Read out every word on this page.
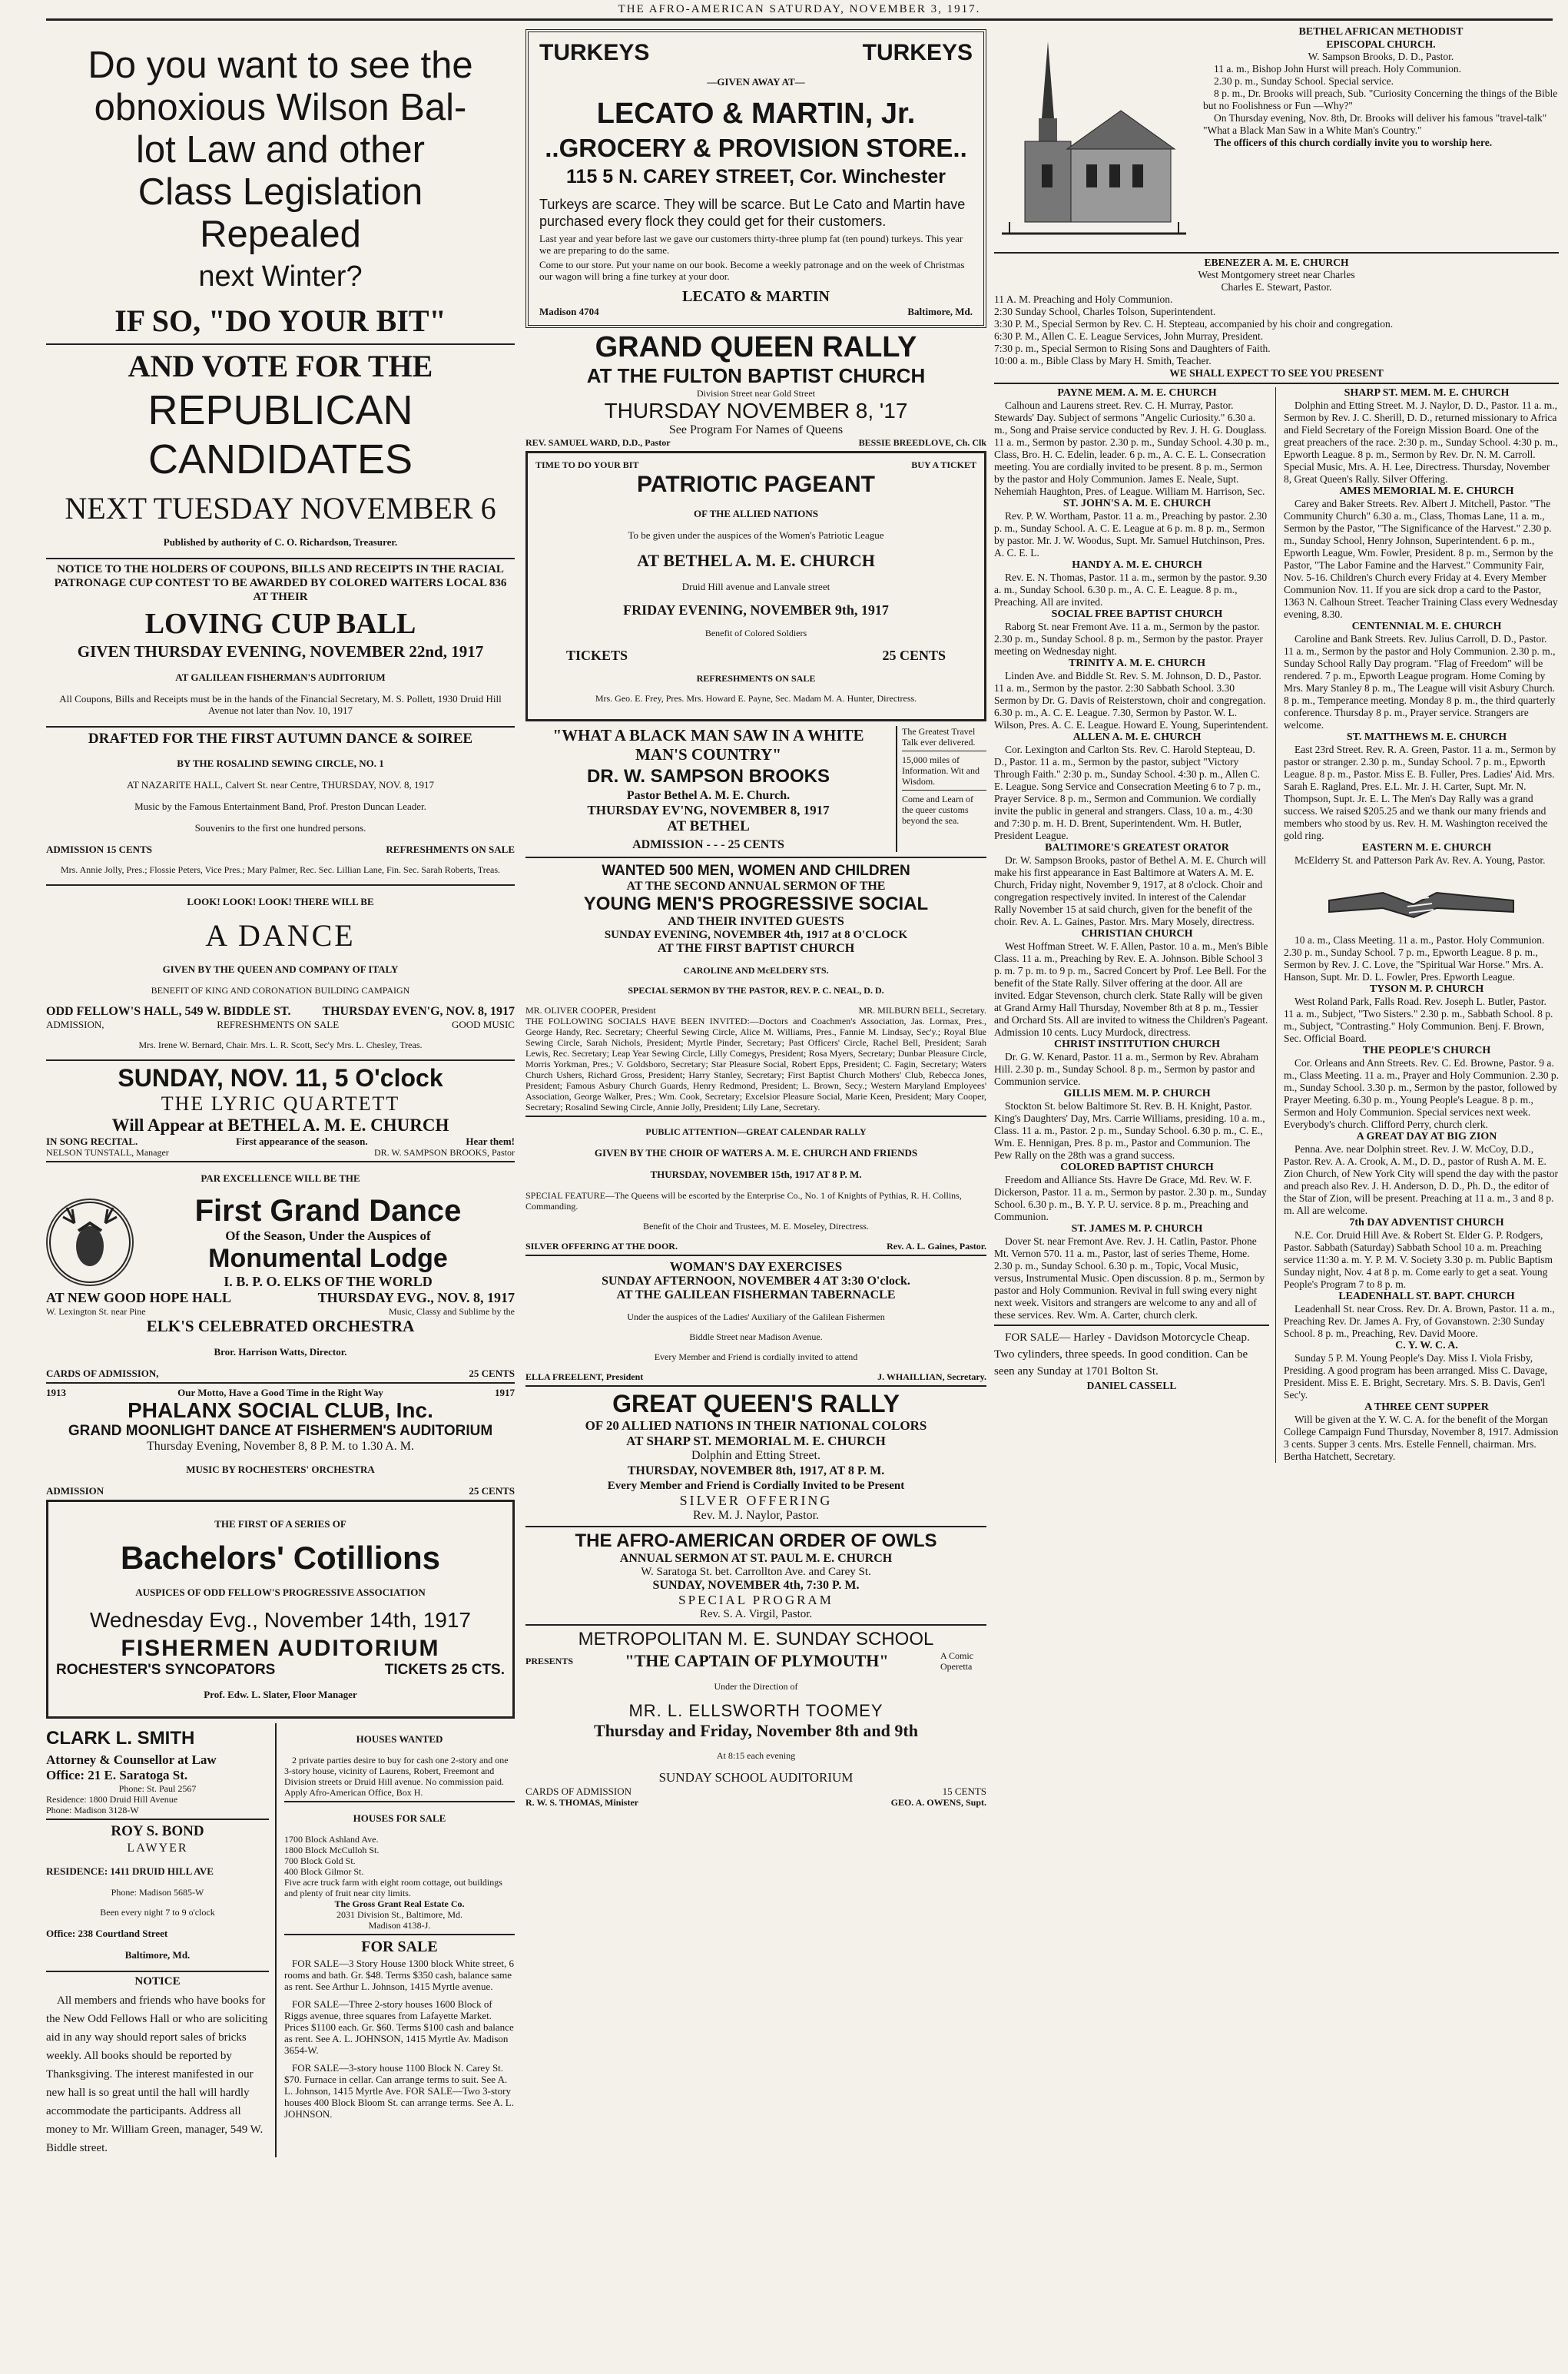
THE AFRO-AMERICAN SATURDAY, NOVEMBER 3, 1917.

Do you want to see the

obnoxious Wilson Bal-

lot Law and other

Class Legislation

Repealed

next Winter?

IF SO, "DO YOUR BIT"

AND VOTE FOR THE

REPUBLICAN

CANDIDATES

NEXT TUESDAY NOVEMBER 6

Published by authority of C. O. Richardson, Treasurer.

NOTICE TO THE HOLDERS OF COUPONS, BILLS AND RECEIPTS IN THE RACIAL PATRONAGE CUP CONTEST TO BE AWARDED BY COLORED WAITERS LOCAL 836 AT THEIR

LOVING CUP BALL

GIVEN THURSDAY EVENING, NOVEMBER 22nd, 1917

AT GALILEAN FISHERMAN'S AUDITORIUM

All Coupons, Bills and Receipts must be in the hands of the Financial Secretary, M. S. Pollett, 1930 Druid Hill Avenue not later than Nov. 10, 1917

DRAFTED FOR THE FIRST AUTUMN DANCE & SOIREE

BY THE ROSALIND SEWING CIRCLE, NO. 1

AT NAZARITE HALL, Calvert St. near Centre, THURSDAY, NOV. 8, 1917

Music by the Famous Entertainment Band, Prof. Preston Duncan Leader.

Souvenirs to the first one hundred persons.

ADMISSION 15 CENTS	REFRESHMENTS ON SALE

Mrs. Annie Jolly, Pres.; Flossie Peters, Vice Pres.; Mary Palmer, Rec. Sec. Lillian Lane, Fin. Sec. Sarah Roberts, Treas.

LOOK! LOOK! LOOK! THERE WILL BE

A DANCE

GIVEN BY THE QUEEN AND COMPANY OF ITALY

BENEFIT OF KING AND CORONATION BUILDING CAMPAIGN

ODD FELLOW'S HALL, 549 W. BIDDLE ST.	THURSDAY EVEN'G, NOV. 8, 1917
ADMISSION,	REFRESHMENTS ON SALE	GOOD MUSIC

Mrs. Irene W. Bernard, Chair. Mrs. L. R. Scott, Sec'y Mrs. L. Chesley, Treas.

SUNDAY, NOV. 11, 5 O'clock

THE LYRIC QUARTETT

Will Appear at BETHEL A. M. E. CHURCH

IN SONG RECITAL.	First appearance of the season.	Hear them!
NELSON TUNSTALL, Manager	DR. W. SAMPSON BROOKS, Pastor

PAR EXCELLENCE WILL BE THE

First Grand Dance

Of the Season, Under the Auspices of

Monumental Lodge

I. B. P. O. ELKS OF THE WORLD

AT NEW GOOD HOPE HALL	THURSDAY EVG., NOV. 8, 1917
W. Lexington St. near Pine	Music, Classy and Sublime by the

ELK'S CELEBRATED ORCHESTRA

Bror. Harrison Watts, Director.

CARDS OF ADMISSION,	25 CENTS
1913	Our Motto, Have a Good Time in the Right Way	1917

PHALANX SOCIAL CLUB, Inc.

GRAND MOONLIGHT DANCE AT FISHERMEN'S AUDITORIUM

Thursday Evening, November 8, 8 P. M. to 1.30 A. M.

MUSIC BY ROCHESTERS' ORCHESTRA

ADMISSION	25 CENTS

THE FIRST OF A SERIES OF

Bachelors' Cotillions

AUSPICES OF ODD FELLOW'S PROGRESSIVE ASSOCIATION

Wednesday Evg., November 14th, 1917

FISHERMEN AUDITORIUM

ROCHESTER'S SYNCOPATORS	TICKETS 25 CTS.

Prof. Edw. L. Slater, Floor Manager

CLARK L. SMITH

Attorney & Counsellor at Law

Office: 21 E. Saratoga St.

Phone: St. Paul 2567

Residence: 1800 Druid Hill Avenue

Phone: Madison 3128-W

ROY S. BOND

LAWYER

RESIDENCE: 1411 DRUID HILL AVE

Phone: Madison 5685-W

Been every night 7 to 9 o'clock

Office: 238 Courtland Street

Baltimore, Md.

NOTICE

All members and friends who have books for the New Odd Fellows Hall or who are soliciting aid in any way should report sales of bricks weekly. All books should be reported by Thanksgiving. The interest manifested in our new hall is so great until the hall will hardly accommodate the participants. Address all money to Mr. William Green, manager, 549 W. Biddle street.

HOUSES WANTED

2 private parties desire to buy for cash one 2-story and one 3-story house, vicinity of Laurens, Robert, Freemont and Division streets or Druid Hill avenue. No commission paid. Apply Afro-American Office, Box H.

HOUSES FOR SALE

1700 Block Ashland Ave.

1800 Block McCulloh St.

700 Block Gold St.

400 Block Gilmor St.

Five acre truck farm with eight room cottage, out buildings and plenty of fruit near city limits.

The Gross Grant Real Estate Co.

2031 Division St., Baltimore, Md.

Madison 4138-J.

FOR SALE

FOR SALE—3 Story House 1300 block White street, 6 rooms and bath. Gr. $48. Terms $350 cash, balance same as rent. See Arthur L. Johnson, 1415 Myrtle avenue.

FOR SALE—Three 2-story houses 1600 Block of Riggs avenue, three squares from Lafayette Market. Prices $1100 each. Gr. $60. Terms $100 cash and balance as rent. See A. L. JOHNSON, 1415 Myrtle Av. Madison 3654-W.

FOR SALE—3-story house 1100 Block N. Carey St. $70. Furnace in cellar. Can arrange terms to suit. See A. L. Johnson, 1415 Myrtle Ave. FOR SALE—Two 3-story houses 400 Block Bloom St. can arrange terms. See A. L. JOHNSON.

TURKEYS	TURKEYS

—GIVEN AWAY AT—

LECATO & MARTIN, Jr.

..GROCERY & PROVISION STORE..

115 5 N. CAREY STREET, Cor. Winchester

Turkeys are scarce. They will be scarce. But Le Cato and Martin have purchased every flock they could get for their customers.

Last year and year before last we gave our customers thirty-three plump fat (ten pound) turkeys. This year we are preparing to do the same.

Come to our store. Put your name on our book. Become a weekly patronage and on the week of Christmas our wagon will bring a fine turkey at your door.

LECATO & MARTIN

Madison 4704	Baltimore, Md.

GRAND QUEEN RALLY

AT THE FULTON BAPTIST CHURCH

Division Street near Gold Street

THURSDAY NOVEMBER 8, '17

See Program For Names of Queens

REV. SAMUEL WARD, D.D., Pastor	BESSIE BREEDLOVE, Ch. Clk
TIME TO DO YOUR BIT	BUY A TICKET

PATRIOTIC PAGEANT

OF THE ALLIED NATIONS

To be given under the auspices of the Women's Patriotic League

AT BETHEL A. M. E. CHURCH

Druid Hill avenue and Lanvale street

FRIDAY EVENING, NOVEMBER 9th, 1917

Benefit of Colored Soldiers

TICKETS	25 CENTS

REFRESHMENTS ON SALE

Mrs. Geo. E. Frey, Pres. Mrs. Howard E. Payne, Sec. Madam M. A. Hunter, Directress.

"WHAT A BLACK MAN SAW IN A WHITE MAN'S COUNTRY"

DR. W. SAMPSON BROOKS

Pastor Bethel A. M. E. Church.

THURSDAY EV'NG, NOVEMBER 8, 1917

AT BETHEL

ADMISSION - - - 25 CENTS

The Greatest Travel Talk ever delivered.

15,000 miles of Information. Wit and Wisdom.

Come and Learn of the queer customs beyond the sea.

WANTED 500 MEN, WOMEN AND CHILDREN

AT THE SECOND ANNUAL SERMON OF THE

YOUNG MEN'S PROGRESSIVE SOCIAL

AND THEIR INVITED GUESTS

SUNDAY EVENING, NOVEMBER 4th, 1917 at 8 O'CLOCK

AT THE FIRST BAPTIST CHURCH

CAROLINE AND McELDERY STS.

SPECIAL SERMON BY THE PASTOR, REV. P. C. NEAL, D. D.

MR. OLIVER COOPER, President	MR. MILBURN BELL, Secretary.

THE FOLLOWING SOCIALS HAVE BEEN INVITED:—Doctors and Coachmen's Association, Jas. Lormax, Pres., George Handy, Rec. Secretary; Cheerful Sewing Circle, Alice M. Williams, Pres., Fannie M. Lindsay, Sec'y.; Royal Blue Sewing Circle, Sarah Nichols, President; Myrtle Pinder, Secretary; Past Officers' Circle, Rachel Bell, President; Sarah Lewis, Rec. Secretary; Leap Year Sewing Circle, Lilly Comegys, President; Rosa Myers, Secretary; Dunbar Pleasure Circle, Morris Yorkman, Pres.; V. Goldsboro, Secretary; Star Pleasure Social, Robert Epps, President; C. Fagin, Secretary; Waters Church Ushers, Richard Gross, President; Harry Stanley, Secretary; First Baptist Church Mothers' Club, Rebecca Jones, President; Famous Asbury Church Guards, Henry Redmond, President; L. Brown, Secy.; Western Maryland Employees' Association, George Walker, Pres.; Wm. Cook, Secretary; Excelsior Pleasure Social, Marie Keen, President; Mary Cooper, Secretary; Rosalind Sewing Circle, Annie Jolly, President; Lily Lane, Secretary.

PUBLIC ATTENTION—GREAT CALENDAR RALLY

GIVEN BY THE CHOIR OF WATERS A. M. E. CHURCH AND FRIENDS

THURSDAY, NOVEMBER 15th, 1917 AT 8 P. M.

SPECIAL FEATURE—The Queens will be escorted by the Enterprise Co., No. 1 of Knights of Pythias, R. H. Collins, Commanding.

Benefit of the Choir and Trustees, M. E. Moseley, Directress.

SILVER OFFERING AT THE DOOR.	Rev. A. L. Gaines, Pastor.

WOMAN'S DAY EXERCISES

SUNDAY AFTERNOON, NOVEMBER 4 AT 3:30 O'clock.

AT THE GALILEAN FISHERMAN TABERNACLE

Under the auspices of the Ladies' Auxiliary of the Galilean Fishermen

Biddle Street near Madison Avenue.

Every Member and Friend is cordially invited to attend

ELLA FREELENT, President	J. WHAILLIAN, Secretary.

GREAT QUEEN'S RALLY

OF 20 ALLIED NATIONS IN THEIR NATIONAL COLORS

AT SHARP ST. MEMORIAL M. E. CHURCH

Dolphin and Etting Street.

THURSDAY, NOVEMBER 8th, 1917, AT 8 P. M.

Every Member and Friend is Cordially Invited to be Present

SILVER OFFERING

Rev. M. J. Naylor, Pastor.

THE AFRO-AMERICAN ORDER OF OWLS

ANNUAL SERMON AT ST. PAUL M. E. CHURCH

W. Saratoga St. bet. Carrollton Ave. and Carey St.

SUNDAY, NOVEMBER 4th, 7:30 P. M.

SPECIAL PROGRAM

Rev. S. A. Virgil, Pastor.

METROPOLITAN M. E. SUNDAY SCHOOL

PRESENTS	"THE CAPTAIN OF PLYMOUTH"	A Comic Operetta

Under the Direction of

MR. L. ELLSWORTH TOOMEY

Thursday and Friday, November 8th and 9th

At 8:15 each evening

SUNDAY SCHOOL AUDITORIUM

CARDS OF ADMISSION	15 CENTS
R. W. S. THOMAS, Minister	GEO. A. OWENS, Supt.

BETHEL AFRICAN METHODIST

EPISCOPAL CHURCH.

W. Sampson Brooks, D. D., Pastor.

11 a. m., Bishop John Hurst will preach. Holy Communion.

2.30 p. m., Sunday School. Special service.

8 p. m., Dr. Brooks will preach, Sub. "Curiosity Concerning the things of the Bible but no Foolishness or Fun —Why?"

On Thursday evening, Nov. 8th, Dr. Brooks will deliver his famous "travel-talk" "What a Black Man Saw in a White Man's Country."

The officers of this church cordially invite you to worship here.

EBENEZER A. M. E. CHURCH

West Montgomery street near Charles

Charles E. Stewart, Pastor.

11 A. M. Preaching and Holy Communion.

2:30 Sunday School, Charles Tolson, Superintendent.

3:30 P. M., Special Sermon by Rev. C. H. Stepteau, accompanied by his choir and congregation.

6:30 P. M., Allen C. E. League Services, John Murray, President.

7:30 p. m., Special Sermon to Rising Sons and Daughters of Faith.

10:00 a. m., Bible Class by Mary H. Smith, Teacher.

WE SHALL EXPECT TO SEE YOU PRESENT

PAYNE MEM. A. M. E. CHURCH

Calhoun and Laurens street. Rev. C. H. Murray, Pastor. Stewards' Day. Subject of sermons "Angelic Curiosity." 6.30 a. m., Song and Praise service conducted by Rev. J. H. G. Douglass. 11 a. m., Sermon by pastor. 2.30 p. m., Sunday School. 4.30 p. m., Class, Bro. H. C. Edelin, leader. 6 p. m., A. C. E. L. Consecration meeting. You are cordially invited to be present. 8 p. m., Sermon by the pastor and Holy Communion. James E. Neale, Supt. Nehemiah Haughton, Pres. of League. William M. Harrison, Sec.

ST. JOHN'S A. M. E. CHURCH

Rev. P. W. Wortham, Pastor. 11 a. m., Preaching by pastor. 2.30 p. m., Sunday School. A. C. E. League at 6 p. m. 8 p. m., Sermon by pastor. Mr. J. W. Woodus, Supt. Mr. Samuel Hutchinson, Pres. A. C. E. L.

HANDY A. M. E. CHURCH

Rev. E. N. Thomas, Pastor. 11 a. m., sermon by the pastor. 9.30 a. m., Sunday School. 6.30 p. m., A. C. E. League. 8 p. m., Preaching. All are invited.

SOCIAL FREE BAPTIST CHURCH

Raborg St. near Fremont Ave. 11 a. m., Sermon by the pastor. 2.30 p. m., Sunday School. 8 p. m., Sermon by the pastor. Prayer meeting on Wednesday night.

TRINITY A. M. E. CHURCH

Linden Ave. and Biddle St. Rev. S. M. Johnson, D. D., Pastor. 11 a. m., Sermon by the pastor. 2:30 Sabbath School. 3.30 Sermon by Dr. G. Davis of Reisterstown, choir and congregation. 6.30 p. m., A. C. E. League. 7.30, Sermon by Pastor. W. L. Wilson, Pres. A. C. E. League. Howard E. Young, Superintendent.

ALLEN A. M. E. CHURCH

Cor. Lexington and Carlton Sts. Rev. C. Harold Stepteau, D. D., Pastor. 11 a. m., Sermon by the pastor, subject "Victory Through Faith." 2:30 p. m., Sunday School. 4:30 p. m., Allen C. E. League. Song Service and Consecration Meeting 6 to 7 p. m., Prayer Service. 8 p. m., Sermon and Communion. We cordially invite the public in general and strangers. Class, 10 a. m., 4:30 and 7:30 p. m. H. D. Brent, Superintendent. Wm. H. Butler, President League.

BALTIMORE'S GREATEST ORATOR

Dr. W. Sampson Brooks, pastor of Bethel A. M. E. Church will make his first appearance in East Baltimore at Waters A. M. E. Church, Friday night, November 9, 1917, at 8 o'clock. Choir and congregation respectively invited. In interest of the Calendar Rally November 15 at said church, given for the benefit of the choir. Rev. A. L. Gaines, Pastor. Mrs. Mary Mosely, directress.

CHRISTIAN CHURCH

West Hoffman Street. W. F. Allen, Pastor. 10 a. m., Men's Bible Class. 11 a. m., Preaching by Rev. E. A. Johnson. Bible School 3 p. m. 7 p. m. to 9 p. m., Sacred Concert by Prof. Lee Bell. For the benefit of the State Rally. Silver offering at the door. All are invited. Edgar Stevenson, church clerk. State Rally will be given at Grand Army Hall Thursday, November 8th at 8 p. m., Tessier and Orchard Sts. All are invited to witness the Children's Pageant. Admission 10 cents. Lucy Murdock, directress.

CHRIST INSTITUTION CHURCH

Dr. G. W. Kenard, Pastor. 11 a. m., Sermon by Rev. Abraham Hill. 2.30 p. m., Sunday School. 8 p. m., Sermon by pastor and Communion service.

GILLIS MEM. M. P. CHURCH

Stockton St. below Baltimore St. Rev. B. H. Knight, Pastor. King's Daughters' Day, Mrs. Carrie Williams, presiding. 10 a. m., Class. 11 a. m., Pastor. 2 p. m., Sunday School. 6.30 p. m., C. E., Wm. E. Hennigan, Pres. 8 p. m., Pastor and Communion. The Pew Rally on the 28th was a grand success.

COLORED BAPTIST CHURCH

Freedom and Alliance Sts. Havre De Grace, Md. Rev. W. F. Dickerson, Pastor. 11 a. m., Sermon by pastor. 2.30 p. m., Sunday School. 6.30 p. m., B. Y. P. U. service. 8 p. m., Preaching and Communion.

ST. JAMES M. P. CHURCH

Dover St. near Fremont Ave. Rev. J. H. Catlin, Pastor. Phone Mt. Vernon 570. 11 a. m., Pastor, last of series Theme, Home. 2.30 p. m., Sunday School. 6.30 p. m., Topic, Vocal Music, versus, Instrumental Music. Open discussion. 8 p. m., Sermon by pastor and Holy Communion. Revival in full swing every night next week. Visitors and strangers are welcome to any and all of these services. Rev. Wm. A. Carter, church clerk.

FOR SALE— Harley - Davidson Motorcycle Cheap. Two cylinders, three speeds. In good condition. Can be seen any Sunday at 1701 Bolton St.

DANIEL CASSELL

SHARP ST. MEM. M. E. CHURCH

Dolphin and Etting Street. M. J. Naylor, D. D., Pastor. 11 a. m., Sermon by Rev. J. C. Sherill, D. D., returned missionary to Africa and Field Secretary of the Foreign Mission Board. One of the great preachers of the race. 2:30 p. m., Sunday School. 4:30 p. m., Epworth League. 8 p. m., Sermon by Rev. Dr. N. M. Carroll. Special Music, Mrs. A. H. Lee, Directress. Thursday, November 8, Great Queen's Rally. Silver Offering.

AMES MEMORIAL M. E. CHURCH

Carey and Baker Streets. Rev. Albert J. Mitchell, Pastor. "The Community Church" 6.30 a. m., Class, Thomas Lane, 11 a. m., Sermon by the Pastor, "The Significance of the Harvest." 2.30 p. m., Sunday School, Henry Johnson, Superintendent. 6 p. m., Epworth League, Wm. Fowler, President. 8 p. m., Sermon by the Pastor, "The Labor Famine and the Harvest." Community Fair, Nov. 5-16. Children's Church every Friday at 4. Every Member Communion Nov. 11. If you are sick drop a card to the Pastor, 1363 N. Calhoun Street. Teacher Training Class every Wednesday evening, 8.30.

CENTENNIAL M. E. CHURCH

Caroline and Bank Streets. Rev. Julius Carroll, D. D., Pastor. 11 a. m., Sermon by the pastor and Holy Communion. 2.30 p. m., Sunday School Rally Day program. "Flag of Freedom" will be rendered. 7 p. m., Epworth League program. Home Coming by Mrs. Mary Stanley 8 p. m., The League will visit Asbury Church. 8 p. m., Temperance meeting. Monday 8 p. m., the third quarterly conference. Thursday 8 p. m., Prayer service. Strangers are welcome.

ST. MATTHEWS M. E. CHURCH

East 23rd Street. Rev. R. A. Green, Pastor. 11 a. m., Sermon by pastor or stranger. 2.30 p. m., Sunday School. 7 p. m., Epworth League. 8 p. m., Pastor. Miss E. B. Fuller, Pres. Ladies' Aid. Mrs. Sarah E. Ragland, Pres. E.L. Mr. J. H. Carter, Supt. Mr. N. Thompson, Supt. Jr. E. L. The Men's Day Rally was a grand success. We raised $205.25 and we thank our many friends and members who stood by us. Rev. H. M. Washington received the gold ring.

EASTERN M. E. CHURCH

McElderry St. and Patterson Park Av. Rev. A. Young, Pastor.

10 a. m., Class Meeting. 11 a. m., Pastor. Holy Communion. 2.30 p. m., Sunday School. 7 p. m., Epworth League. 8 p. m., Sermon by Rev. J. C. Love, the "Spiritual War Horse." Mrs. A. Hanson, Supt. Mr. D. L. Fowler, Pres. Epworth League.

TYSON M. P. CHURCH

West Roland Park, Falls Road. Rev. Joseph L. Butler, Pastor. 11 a. m., Subject, "Two Sisters." 2.30 p. m., Sabbath School. 8 p. m., Subject, "Contrasting." Holy Communion. Benj. F. Brown, Sec. Official Board.

THE PEOPLE'S CHURCH

Cor. Orleans and Ann Streets. Rev. C. Ed. Browne, Pastor. 9 a. m., Class Meeting. 11 a. m., Prayer and Holy Communion. 2.30 p. m., Sunday School. 3.30 p. m., Sermon by the pastor, followed by Prayer Meeting. 6.30 p. m., Young People's League. 8 p. m., Sermon and Holy Communion. Special services next week. Everybody's church. Clifford Perry, church clerk.

A GREAT DAY AT BIG ZION

Penna. Ave. near Dolphin street. Rev. J. W. McCoy, D.D., Pastor. Rev. A. A. Crook, A. M., D. D., pastor of Rush A. M. E. Zion Church, of New York City will spend the day with the pastor and preach also Rev. J. H. Anderson, D. D., Ph. D., the editor of the Star of Zion, will be present. Preaching at 11 a. m., 3 and 8 p. m. All are welcome.

7th DAY ADVENTIST CHURCH

N.E. Cor. Druid Hill Ave. & Robert St. Elder G. P. Rodgers, Pastor. Sabbath (Saturday) Sabbath School 10 a. m. Preaching service 11:30 a. m. Y. P. M. V. Society 3.30 p. m. Public Baptism Sunday night, Nov. 4 at 8 p. m. Come early to get a seat. Young People's Program 7 to 8 p. m.

LEADENHALL ST. BAPT. CHURCH

Leadenhall St. near Cross. Rev. Dr. A. Brown, Pastor. 11 a. m., Preaching Rev. Dr. James A. Fry, of Govanstown. 2:30 Sunday School. 8 p. m., Preaching, Rev. David Moore.

C. Y. W. C. A.

Sunday 5 P. M. Young People's Day. Miss I. Viola Frisby, Presiding. A good program has been arranged. Miss C. Davage, President. Miss E. E. Bright, Secretary. Mrs. S. B. Davis, Gen'l Sec'y.

A THREE CENT SUPPER

Will be given at the Y. W. C. A. for the benefit of the Morgan College Campaign Fund Thursday, November 8, 1917. Admission 3 cents. Supper 3 cents. Mrs. Estelle Fennell, chairman. Mrs. Bertha Hatchett, Secretary.
